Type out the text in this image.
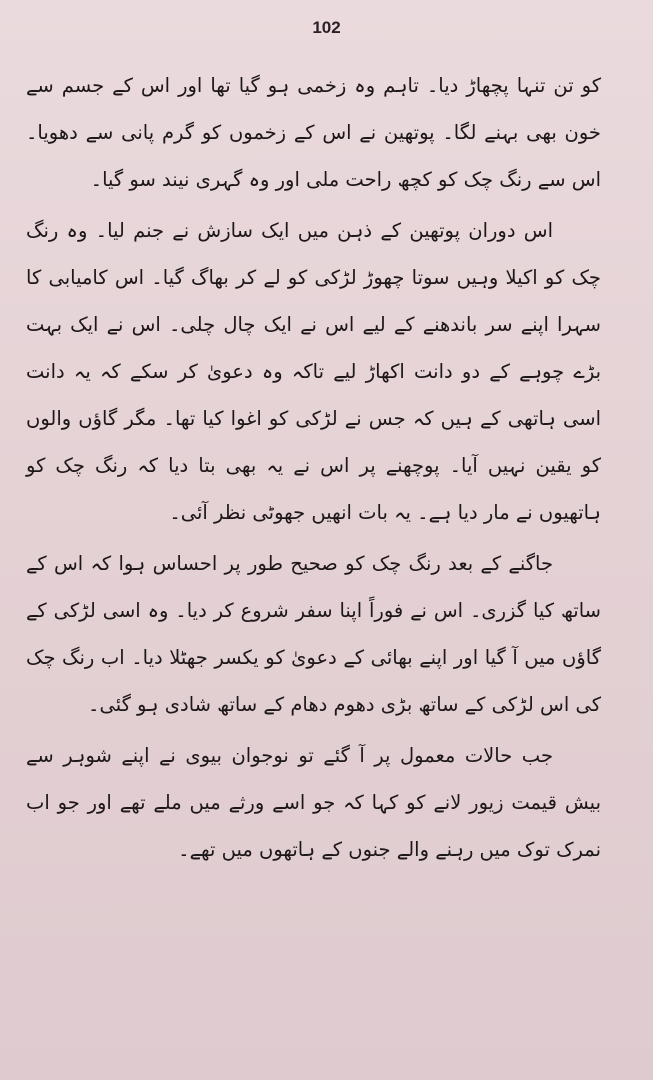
102

کو تن تنہا پچھاڑ دیا۔ تاہم وہ زخمی ہو گیا تھا اور اس کے جسم سے خون بھی بہنے لگا۔ پوتھین نے اس کے زخموں کو گرم پانی سے دھویا۔ اس سے رنگ چک کو کچھ راحت ملی اور وہ گہری نیند سو گیا۔

اس دوران پوتھین کے ذہن میں ایک سازش نے جنم لیا۔ وہ رنگ چک کو اکیلا وہیں سوتا چھوڑ لڑکی کو لے کر بھاگ گیا۔ اس کامیابی کا سہرا اپنے سر باندھنے کے لیے اس نے ایک چال چلی۔ اس نے ایک بہت بڑے چوہے کے دو دانت اکھاڑ لیے تاکہ وہ دعویٰ کر سکے کہ یہ دانت اسی ہاتھی کے ہیں کہ جس نے لڑکی کو اغوا کیا تھا۔ مگر گاؤں والوں کو یقین نہیں آیا۔ پوچھنے پر اس نے یہ بھی بتا دیا کہ رنگ چک کو ہاتھیوں نے مار دیا ہے۔ یہ بات انھیں جھوٹی نظر آئی۔

جاگنے کے بعد رنگ چک کو صحیح طور پر احساس ہوا کہ اس کے ساتھ کیا گزری۔ اس نے فوراً اپنا سفر شروع کر دیا۔ وہ اسی لڑکی کے گاؤں میں آ گیا اور اپنے بھائی کے دعویٰ کو یکسر جھٹلا دیا۔ اب رنگ چک کی اس لڑکی کے ساتھ بڑی دھوم دھام کے ساتھ شادی ہو گئی۔

جب حالات معمول پر آ گئے تو نوجوان بیوی نے اپنے شوہر سے بیش قیمت زیور لانے کو کہا کہ جو اسے ورثے میں ملے تھے اور جو اب نمرک توک میں رہنے والے جنوں کے ہاتھوں میں تھے۔
